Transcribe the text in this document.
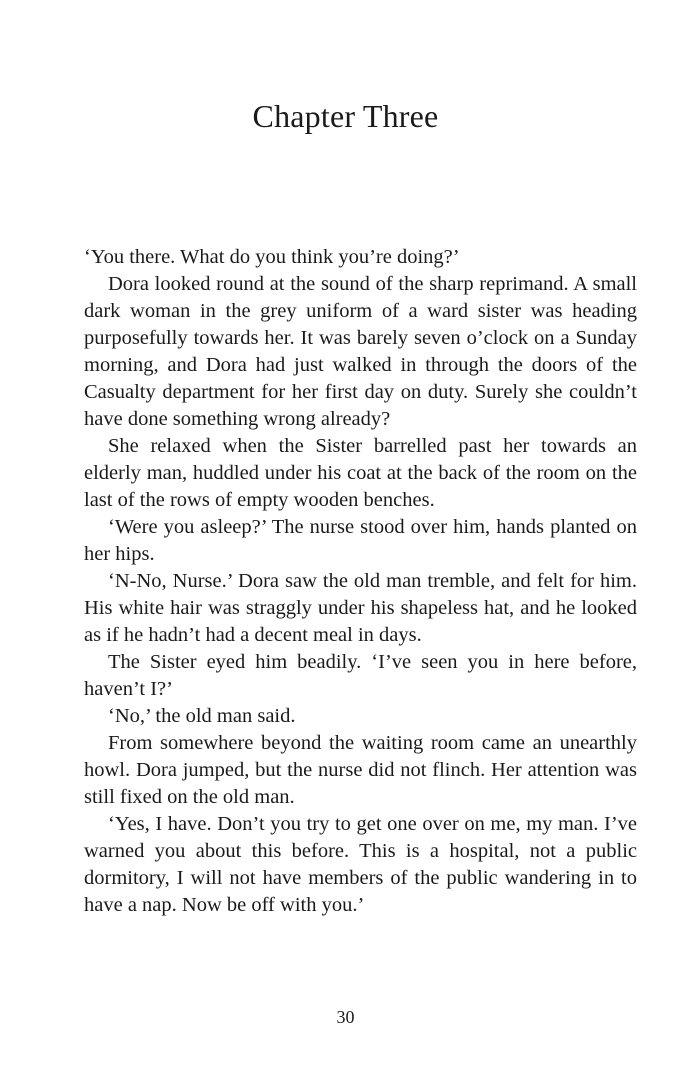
Chapter Three

‘You there. What do you think you’re doing?’

Dora looked round at the sound of the sharp reprimand. A small dark woman in the grey uniform of a ward sister was heading purposefully towards her. It was barely seven o’clock on a Sunday morning, and Dora had just walked in through the doors of the Casualty department for her first day on duty. Surely she couldn’t have done something wrong already?

She relaxed when the Sister barrelled past her towards an elderly man, huddled under his coat at the back of the room on the last of the rows of empty wooden benches.

‘Were you asleep?’ The nurse stood over him, hands planted on her hips.

‘N-No, Nurse.’ Dora saw the old man tremble, and felt for him. His white hair was straggly under his shapeless hat, and he looked as if he hadn’t had a decent meal in days.

The Sister eyed him beadily. ‘I’ve seen you in here before, haven’t I?’

‘No,’ the old man said.

From somewhere beyond the waiting room came an unearthly howl. Dora jumped, but the nurse did not flinch. Her attention was still fixed on the old man.

‘Yes, I have. Don’t you try to get one over on me, my man. I’ve warned you about this before. This is a hospital, not a public dormitory, I will not have members of the public wandering in to have a nap. Now be off with you.’

30
